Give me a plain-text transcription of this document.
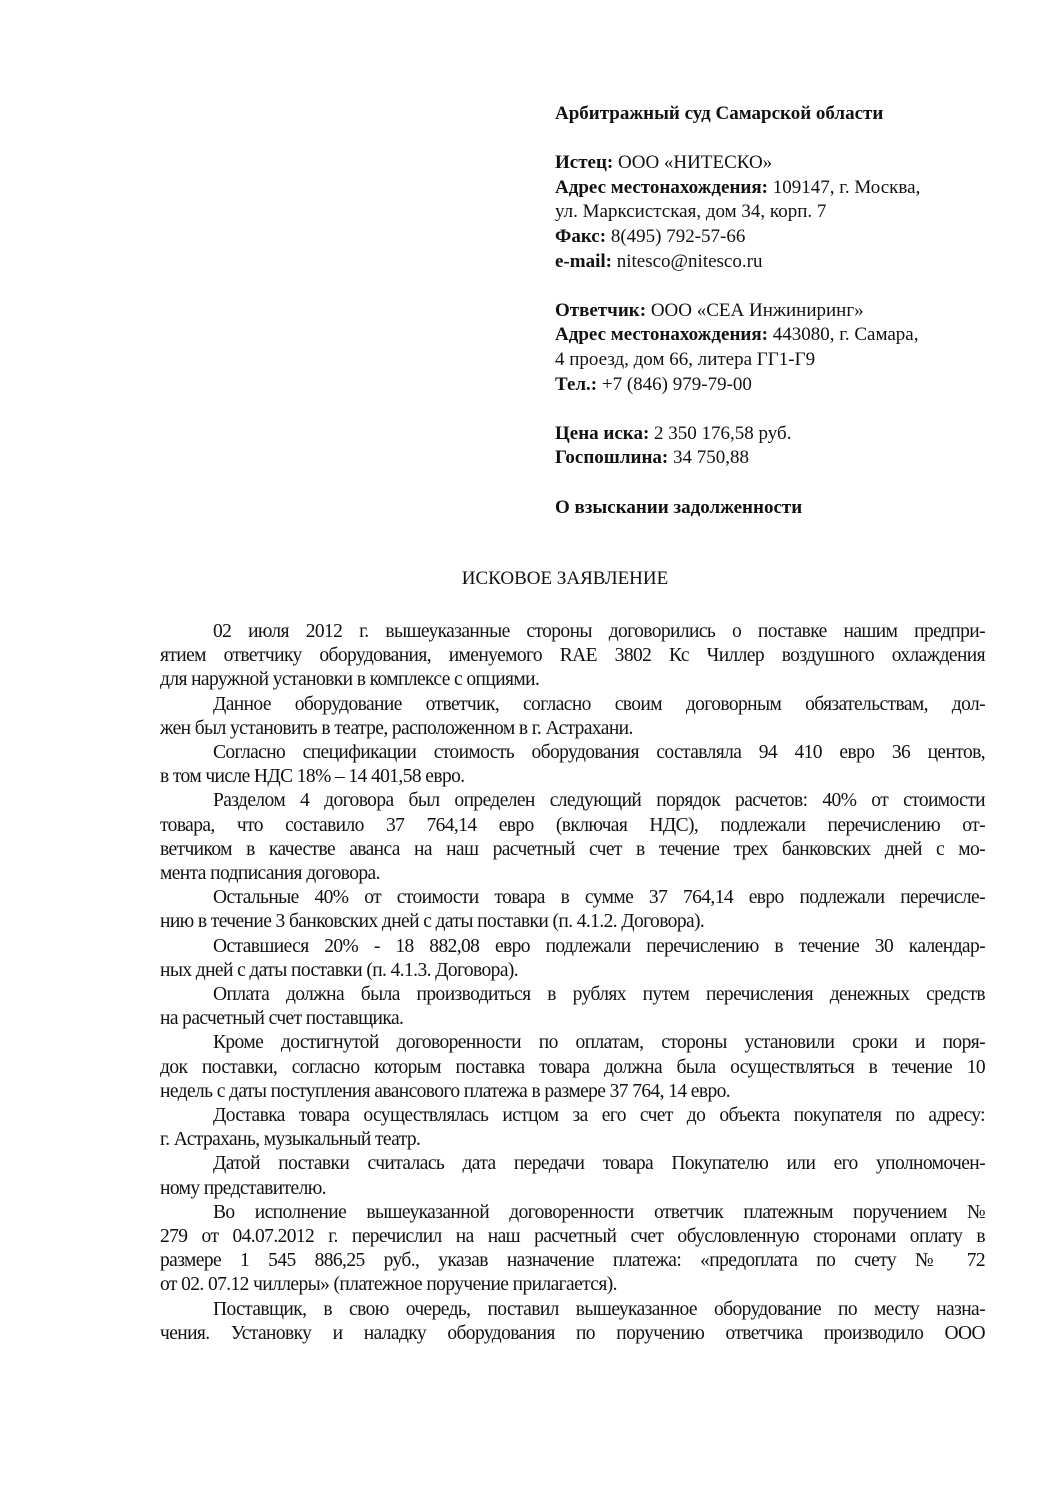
Арбитражный суд Самарской области
Истец: ООО «НИТЕСКО»
Адрес местонахождения: 109147, г. Москва,
ул. Марксистская, дом 34, корп. 7
Факс: 8(495) 792-57-66
e-mail: nitesco@nitesco.ru
Ответчик: ООО «СЕА Инжиниринг»
Адрес местонахождения: 443080, г. Самара,
4 проезд, дом 66, литера ГГ1-Г9
Тел.: +7 (846) 979-79-00
Цена иска: 2 350 176,58 руб.
Госпошлина: 34 750,88
О взыскании задолженности
ИСКОВОЕ ЗАЯВЛЕНИЕ
02 июля 2012 г. вышеуказанные стороны договорились о поставке нашим предпри-
ятием ответчику оборудования, именуемого RAE 3802 Кс Чиллер воздушного охлаждения
для наружной установки в комплексе с опциями.
Данное оборудование ответчик, согласно своим договорным обязательствам, дол-
жен был установить в театре, расположенном в г. Астрахани.
Согласно спецификации стоимость оборудования составляла 94 410 евро 36 центов,
в том числе НДС 18% – 14 401,58 евро.
Разделом 4 договора был определен следующий порядок расчетов: 40% от стоимости
товара, что составило 37 764,14 евро (включая НДС), подлежали перечислению от-
ветчиком в качестве аванса на наш расчетный счет в течение трех банковских дней с мо-
мента подписания договора.
Остальные 40% от стоимости товара в сумме 37 764,14 евро подлежали перечисле-
нию в течение 3 банковских дней с даты поставки (п. 4.1.2. Договора).
Оставшиеся 20% - 18 882,08 евро подлежали перечислению в течение 30 календар-
ных дней с даты поставки (п. 4.1.3. Договора).
Оплата должна была производиться в рублях путем перечисления денежных средств
на расчетный счет поставщика.
Кроме достигнутой договоренности по оплатам, стороны установили сроки и поря-
док поставки, согласно которым поставка товара должна была осуществляться в течение 10
недель с даты поступления авансового платежа в размере 37 764, 14 евро.
Доставка товара осуществлялась истцом за его счет до объекта покупателя по адресу:
г. Астрахань, музыкальный театр.
Датой поставки считалась дата передачи товара Покупателю или его уполномочен-
ному представителю.
Во исполнение вышеуказанной договоренности ответчик платежным поручением №
279 от 04.07.2012 г. перечислил на наш расчетный счет обусловленную сторонами оплату в
размере 1 545 886,25 руб., указав назначение платежа: «предоплата по счету № 72
от 02. 07.12 чиллеры» (платежное поручение прилагается).
Поставщик, в свою очередь, поставил вышеуказанное оборудование по месту назна-
чения. Установку и наладку оборудования по поручению ответчика производило ООО
